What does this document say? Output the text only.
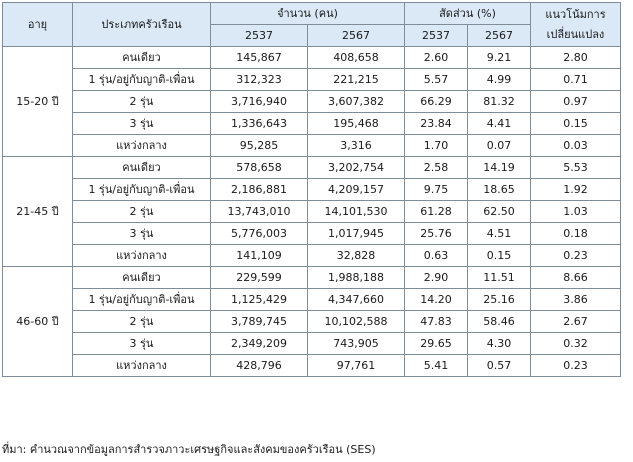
อายุ	ประเภทครัวเรือน	จำนวน (คน)		สัดส่วน (%)		แนวโน้มการ
เปลี่ยนแปลง
		2537	2567	2537	2567	
15-20 ปี	คนเดียว	145,867	408,658	2.60	9.21	2.80
	1 รุ่น/อยู่กับญาติ-เพื่อน	312,323	221,215	5.57	4.99	0.71
	2 รุ่น	3,716,940	3,607,382	66.29	81.32	0.97
	3 รุ่น	1,336,643	195,468	23.84	4.41	0.15
	แหว่งกลาง	95,285	3,316	1.70	0.07	0.03
21-45 ปี	คนเดียว	578,658	3,202,754	2.58	14.19	5.53
	1 รุ่น/อยู่กับญาติ-เพื่อน	2,186,881	4,209,157	9.75	18.65	1.92
	2 รุ่น	13,743,010	14,101,530	61.28	62.50	1.03
	3 รุ่น	5,776,003	1,017,945	25.76	4.51	0.18
	แหว่งกลาง	141,109	32,828	0.63	0.15	0.23
46-60 ปี	คนเดียว	229,599	1,988,188	2.90	11.51	8.66
	1 รุ่น/อยู่กับญาติ-เพื่อน	1,125,429	4,347,660	14.20	25.16	3.86
	2 รุ่น	3,789,745	10,102,588	47.83	58.46	2.67
	3 รุ่น	2,349,209	743,905	29.65	4.30	0.32
	แหว่งกลาง	428,796	97,761	5.41	0.57	0.23
ที่มา: คำนวณจากข้อมูลการสำรวจภาวะเศรษฐกิจและสังคมของครัวเรือน (SES)
